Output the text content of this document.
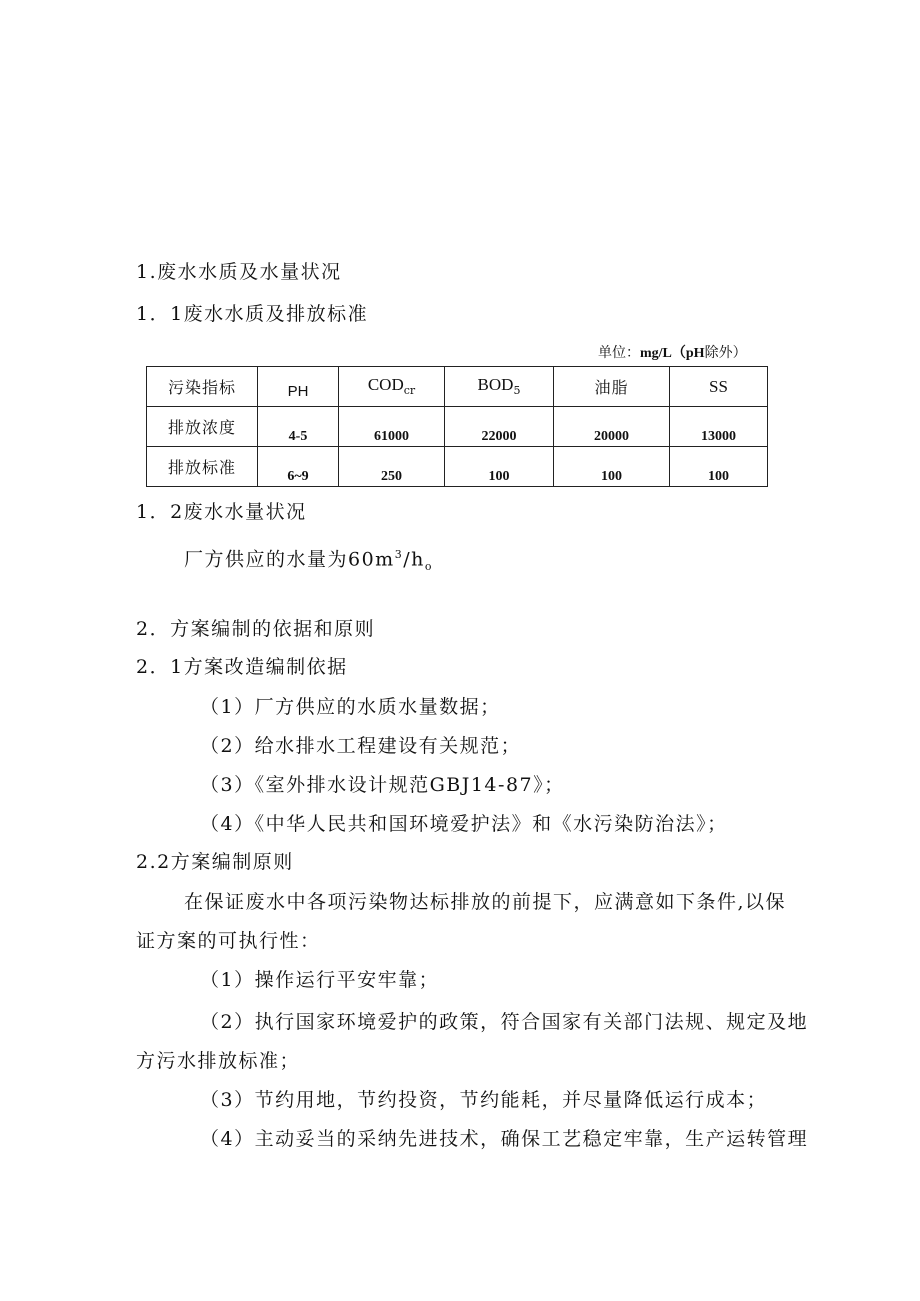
1.废水水质及水量状况
1．1废水水质及排放标准
单位：mg/L（pH除外）
污染指标	PH	$COD_{cr}$	$BOD_5$	油脂	SS
排放浓度	4-5	61000	22000	20000	13000
排放标准	6~9	250	100	100	100
1．2废水水量状况
厂方供应的水量为$60m^3/h_o$
2．方案编制的依据和原则
2．1方案改造编制依据
（1）厂方供应的水质水量数据；
（2）给水排水工程建设有关规范；
（3）《室外排水设计规范GBJ14-87》；
（4）《中华人民共和国环境爱护法》和《水污染防治法》；
2.2方案编制原则
在保证废水中各项污染物达标排放的前提下，应满意如下条件,以保
证方案的可执行性：
（1）操作运行平安牢靠；
（2）执行国家环境爱护的政策，符合国家有关部门法规、规定及地
方污水排放标准；
（3）节约用地，节约投资，节约能耗，并尽量降低运行成本；
（4）主动妥当的采纳先进技术，确保工艺稳定牢靠，生产运转管理
